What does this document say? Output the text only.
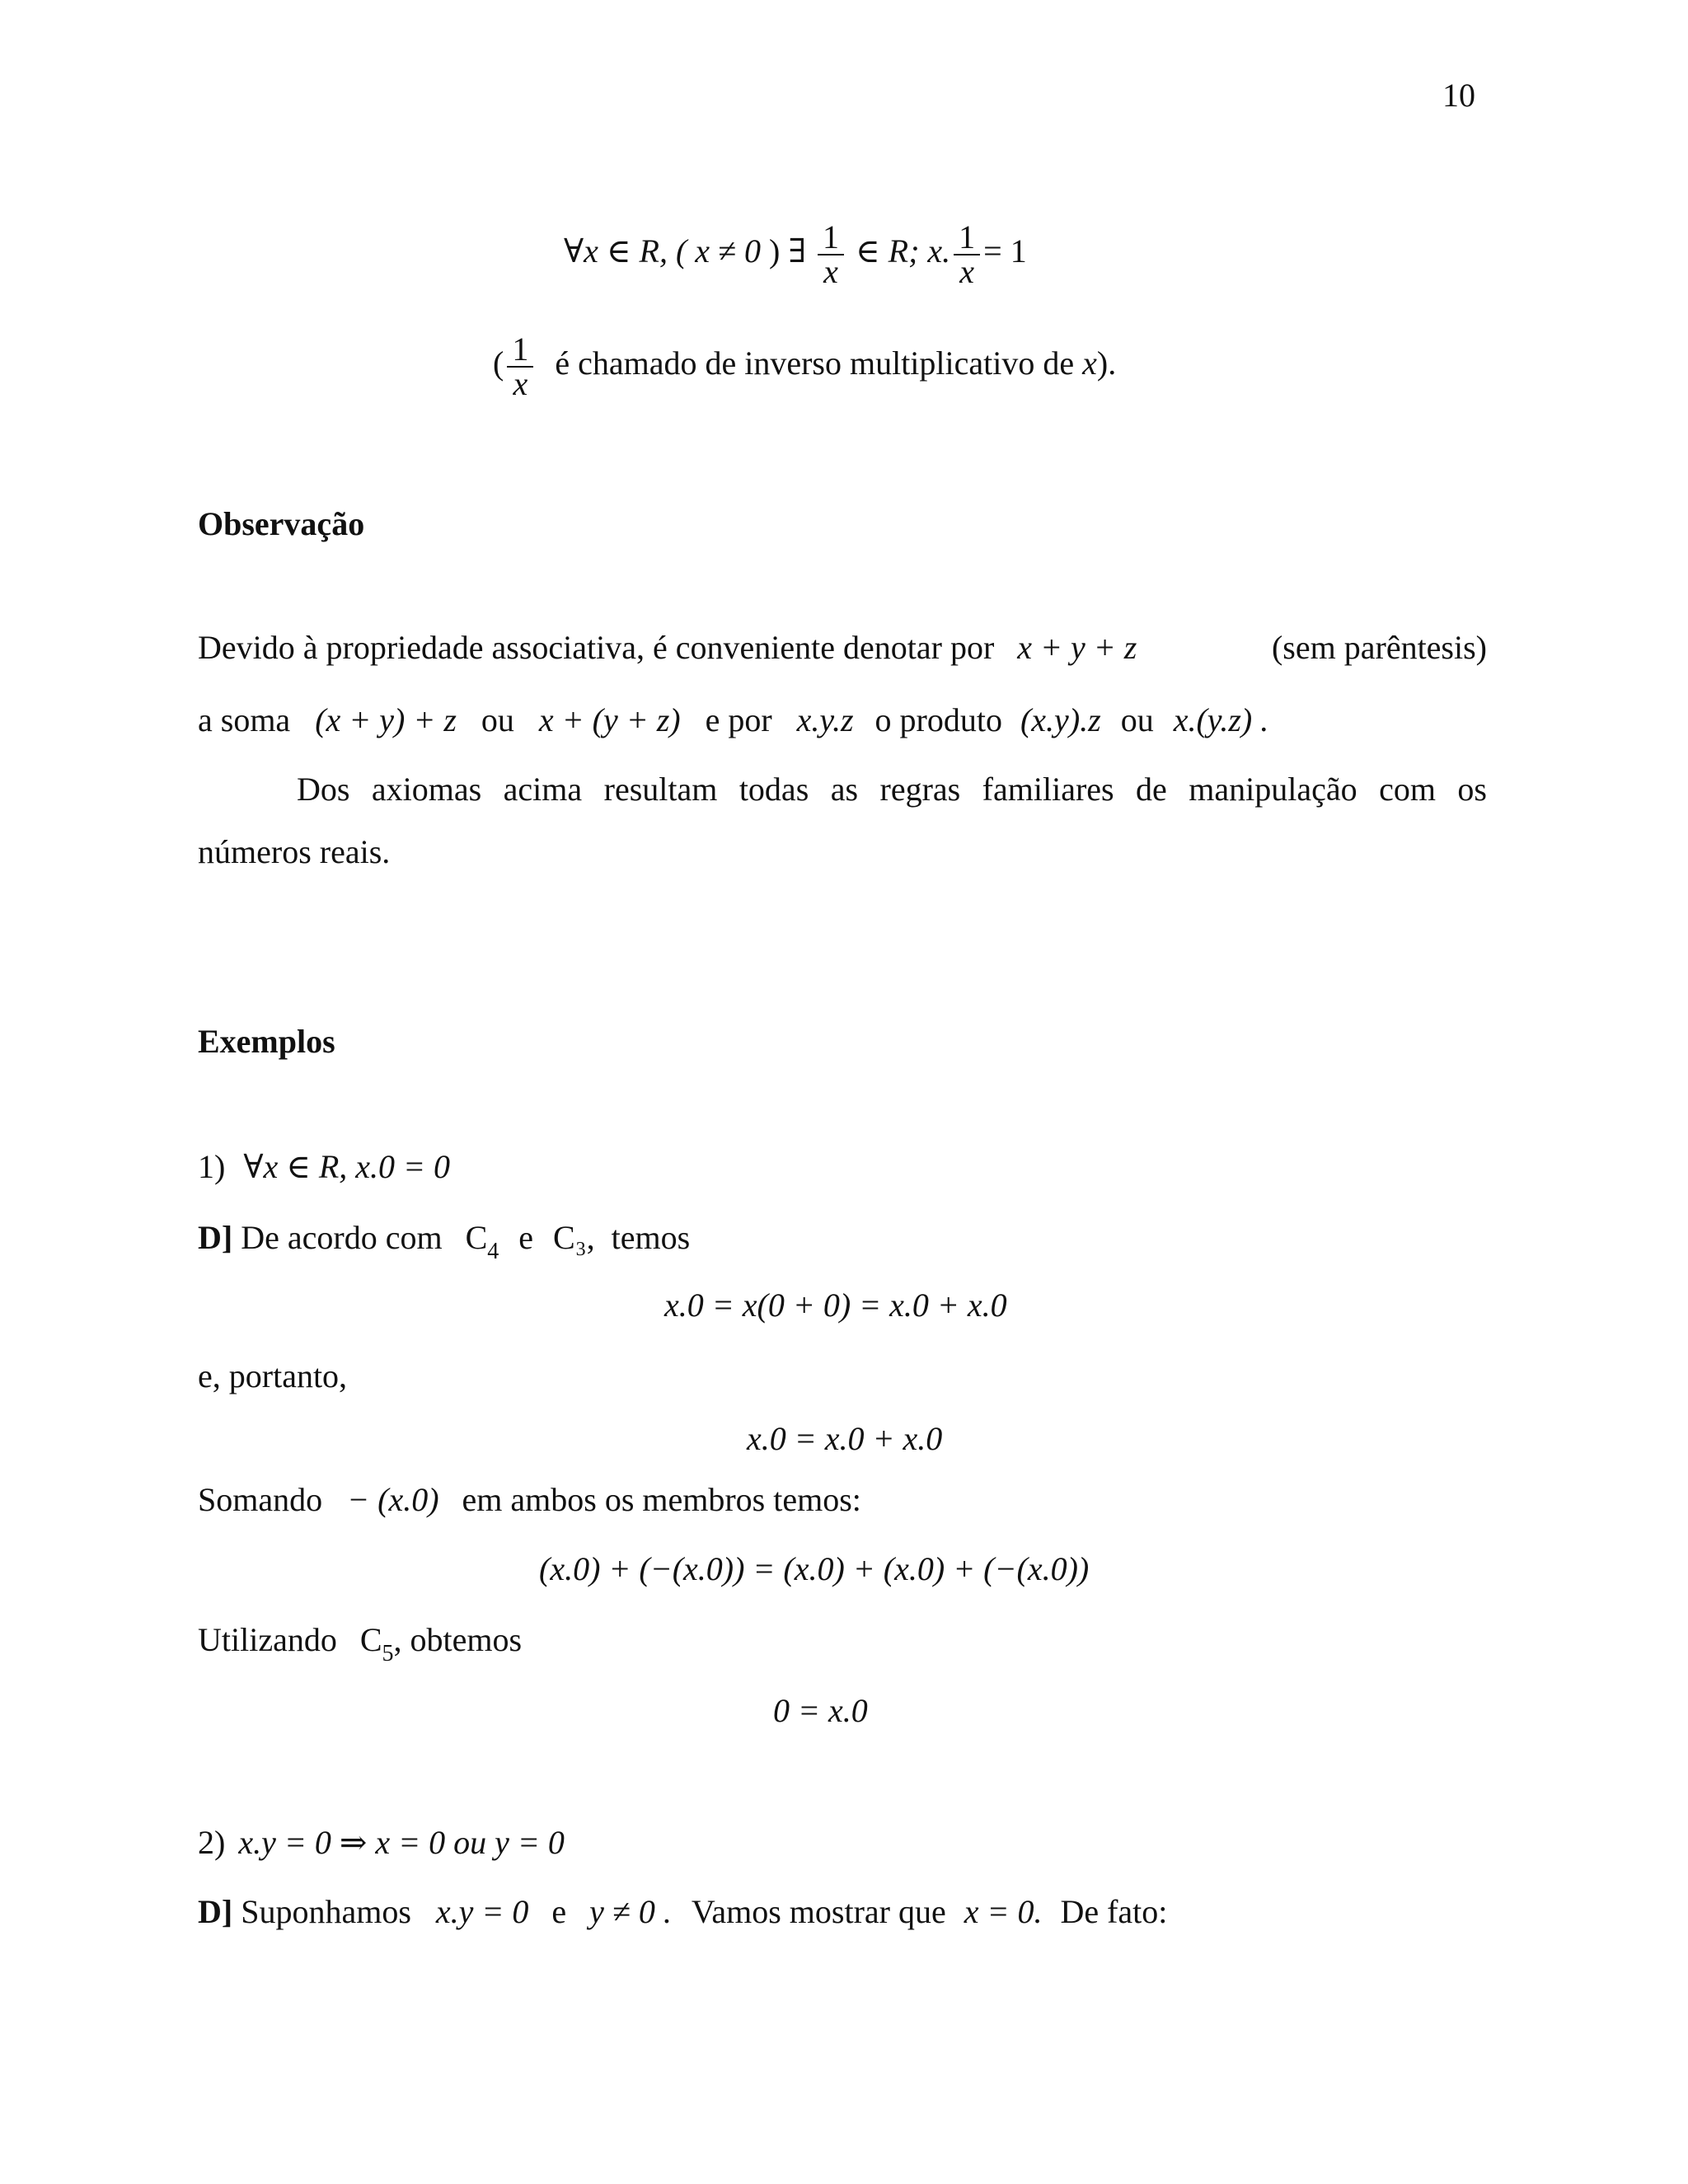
10
∀x ∈ R, ( x ≠ 0 ) ∃ $\frac{1}{x}$ ∈ R; x. $\frac{1}{x} = 1$
( $\frac{1}{x}$ é chamado de inverso multiplicativo de x).
Observação
Devido à propriedade associativa, é conveniente denotar por x + y + z	(sem parêntesis)
a soma (x + y) + z ou x + (y + z) e por x.y.z o produto (x.y).z ou x.(y.z) .
Dos axiomas acima resultam todas as regras familiares de manipulação com os
números reais.
Exemplos
1) ∀x ∈ R, x.0 = 0
D] De acordo com $C_4$ e C₃, temos
x.0 = x(0 + 0) = x.0 + x.0
e, portanto,
x.0 = x.0 + x.0
Somando − (x.0) em ambos os membros temos:
(x.0) + (−(x.0)) = (x.0) + (x.0) + (−(x.0))
Utilizando $C_5$, obtemos
0 = x.0
2) x.y = 0 ⇒ x = 0 ou y = 0
D] Suponhamos x.y = 0 e y ≠ 0 . Vamos mostrar que x = 0. De fato:
